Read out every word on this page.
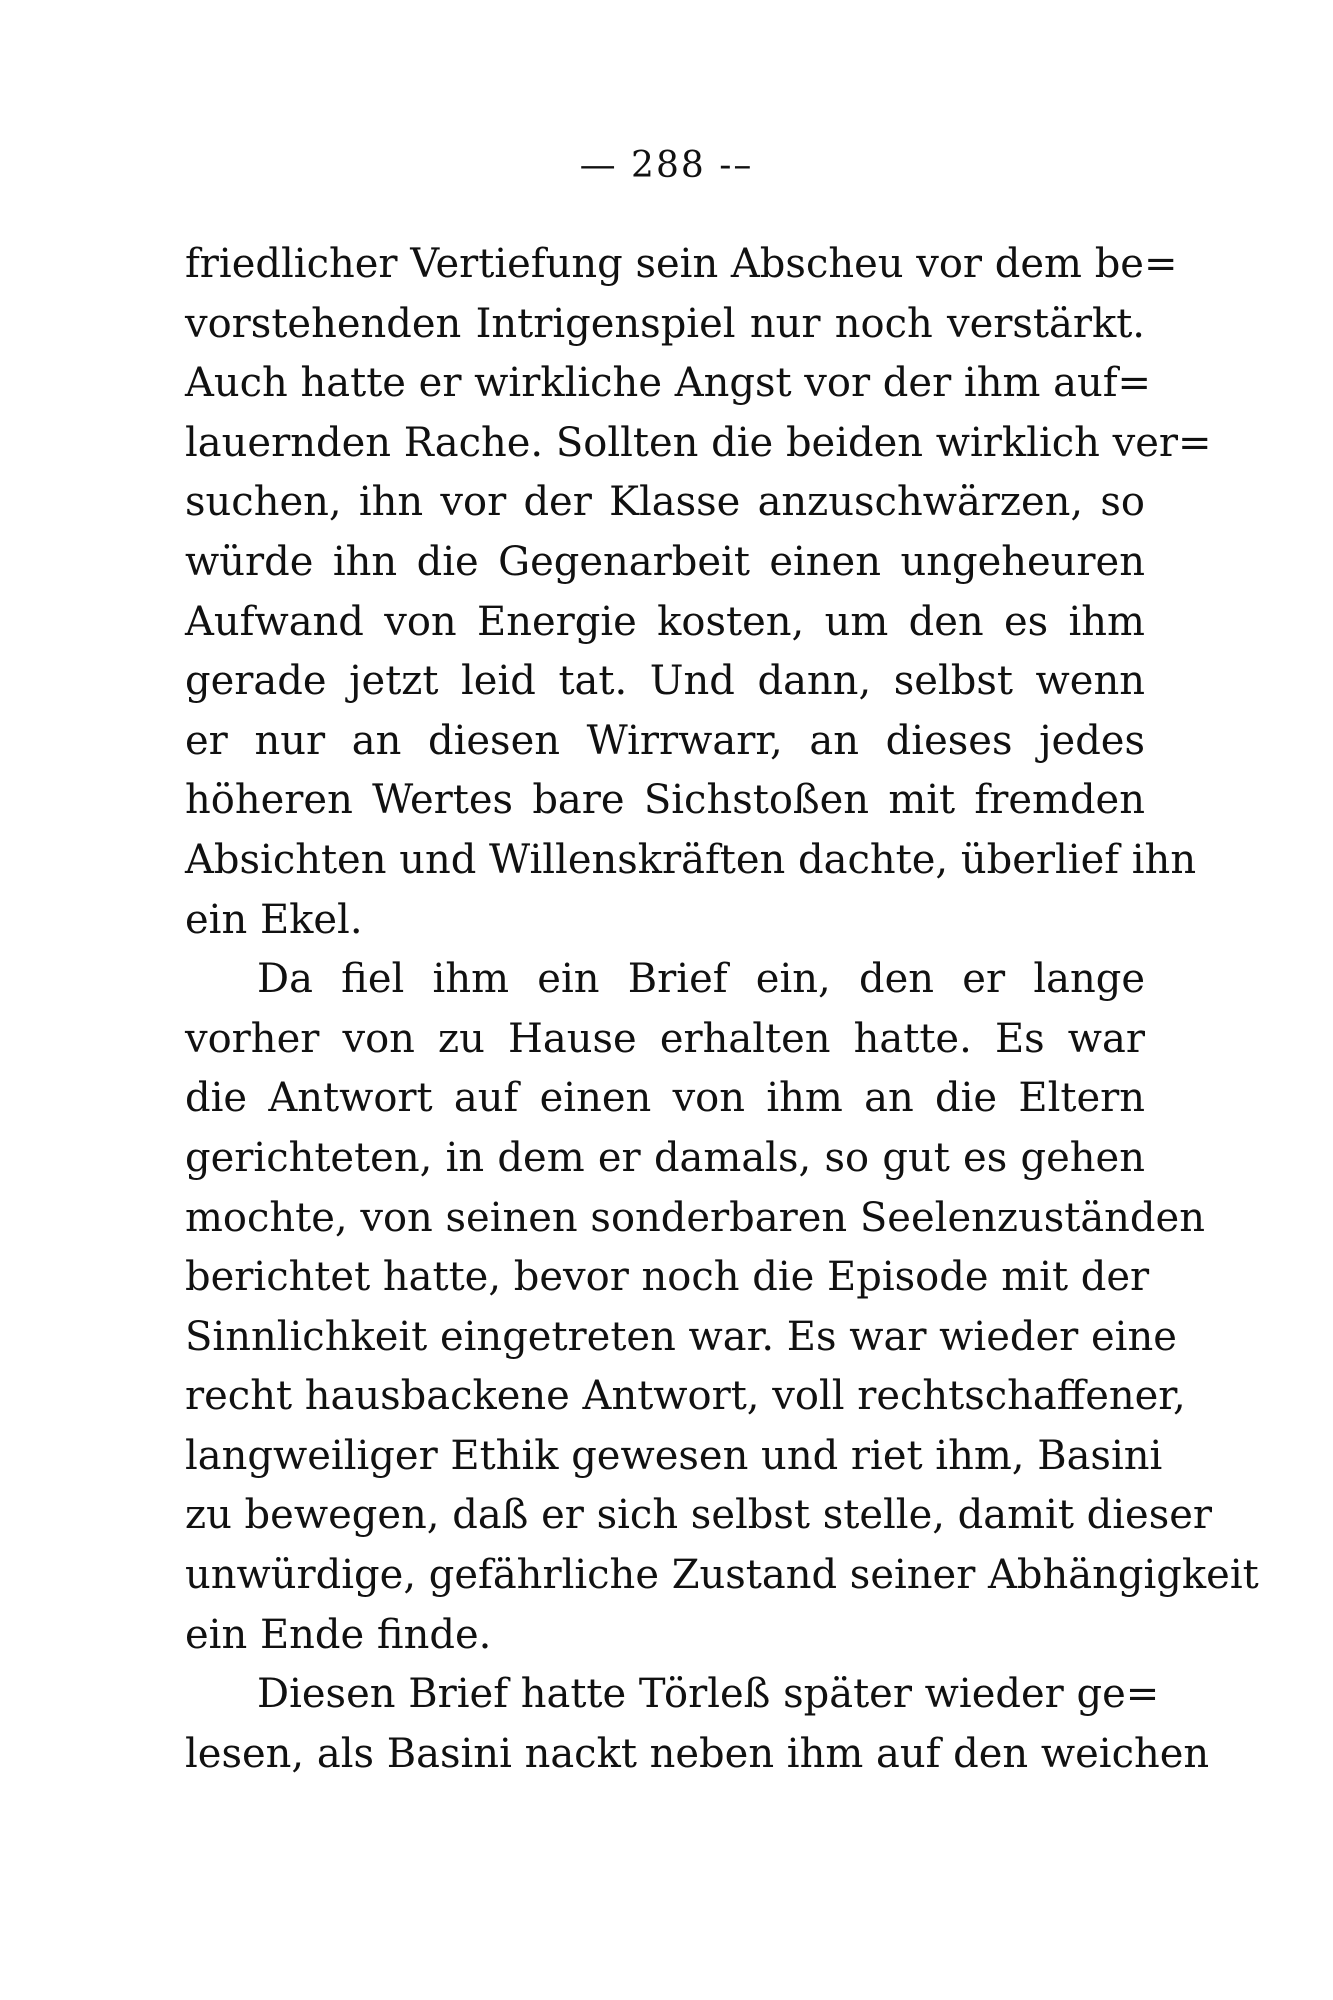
— 288 -–
friedlicher Vertiefung sein Abscheu vor dem be=
vorstehenden Intrigenspiel nur noch verstärkt.
Auch hatte er wirkliche Angst vor der ihm auf=
lauernden Rache. Sollten die beiden wirklich ver=
suchen, ihn vor der Klasse anzuschwärzen, so
würde ihn die Gegenarbeit einen ungeheuren
Aufwand von Energie kosten, um den es ihm
gerade jetzt leid tat. Und dann, selbst wenn
er nur an diesen Wirrwarr, an dieses jedes
höheren Wertes bare Sichstoßen mit fremden
Absichten und Willenskräften dachte, überlief ihn
ein Ekel.
Da fiel ihm ein Brief ein, den er lange
vorher von zu Hause erhalten hatte. Es war
die Antwort auf einen von ihm an die Eltern
gerichteten, in dem er damals, so gut es gehen
mochte, von seinen sonderbaren Seelenzuständen
berichtet hatte, bevor noch die Episode mit der
Sinnlichkeit eingetreten war. Es war wieder eine
recht hausbackene Antwort, voll rechtschaffener,
langweiliger Ethik gewesen und riet ihm, Basini
zu bewegen, daß er sich selbst stelle, damit dieser
unwürdige, gefährliche Zustand seiner Abhängigkeit
ein Ende finde.
Diesen Brief hatte Törleß später wieder ge=
lesen, als Basini nackt neben ihm auf den weichen
